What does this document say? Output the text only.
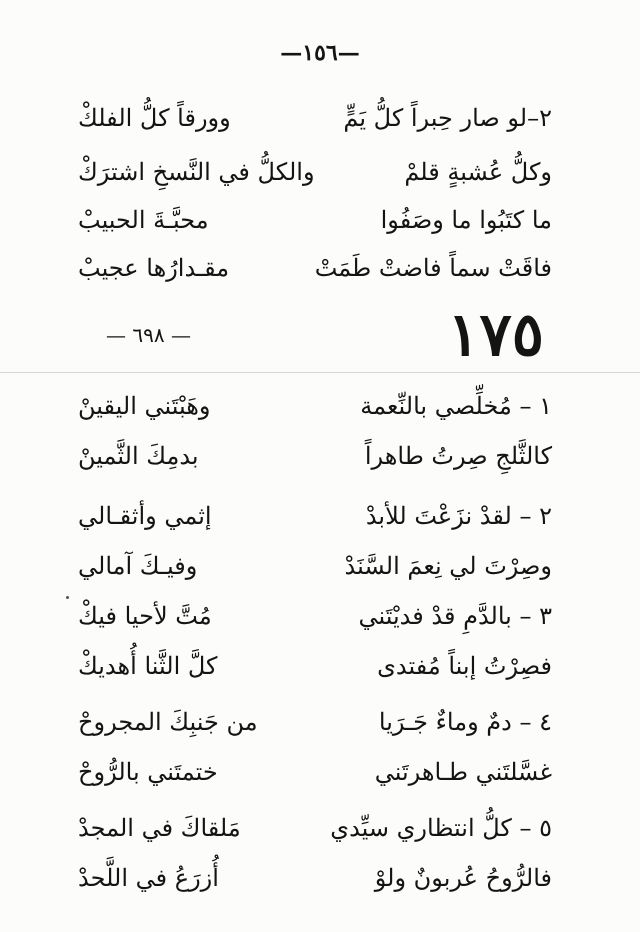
—١٥٦—
٢–لو صار حِبراً كلُّ يَمٍّ
وورقاً كلُّ الفلكْ
وكلُّ عُشبةٍ قلمْ
والكلُّ في النَّسخِ اشترَكْ
ما كتَبُوا ما وصَفُوا
محبَّـةَ الحبيبْ
فاقَتْ سماً فاضتْ طَمَتْ
مقـدارُها عجيبْ
١٧٥
— ٦٩٨ —
١ – مُخلِّصي بالنِّعمة
وهَبْتَني اليقينْ
كالثَّلجِ صِرتُ طاهراً
بدمِكَ الثَّمينْ
٢ – لقدْ نزَعْتَ للأبدْ
إثمي وأثقـالي
وصِرْتَ لي نِعمَ السَّنَدْ
وفيـكَ آمالي
٣ – بالدَّمِ قدْ فديْتَني
مُتَّ لأحيا فيكْ
فصِرْتُ إبناً مُفتدى
كلَّ الثَّنا أُهديكْ
٤ – دمٌ وماءٌ جَـرَيا
من جَنبِكَ المجروحْ
غسَّلتَني طـاهرتَني
ختمتَني بالرُّوحْ
٥ – كلُّ انتظاري سيِّدي
مَلقاكَ في المجدْ
فالرُّوحُ عُربونٌ ولوْ
أُزرَعُ في اللَّحدْ
